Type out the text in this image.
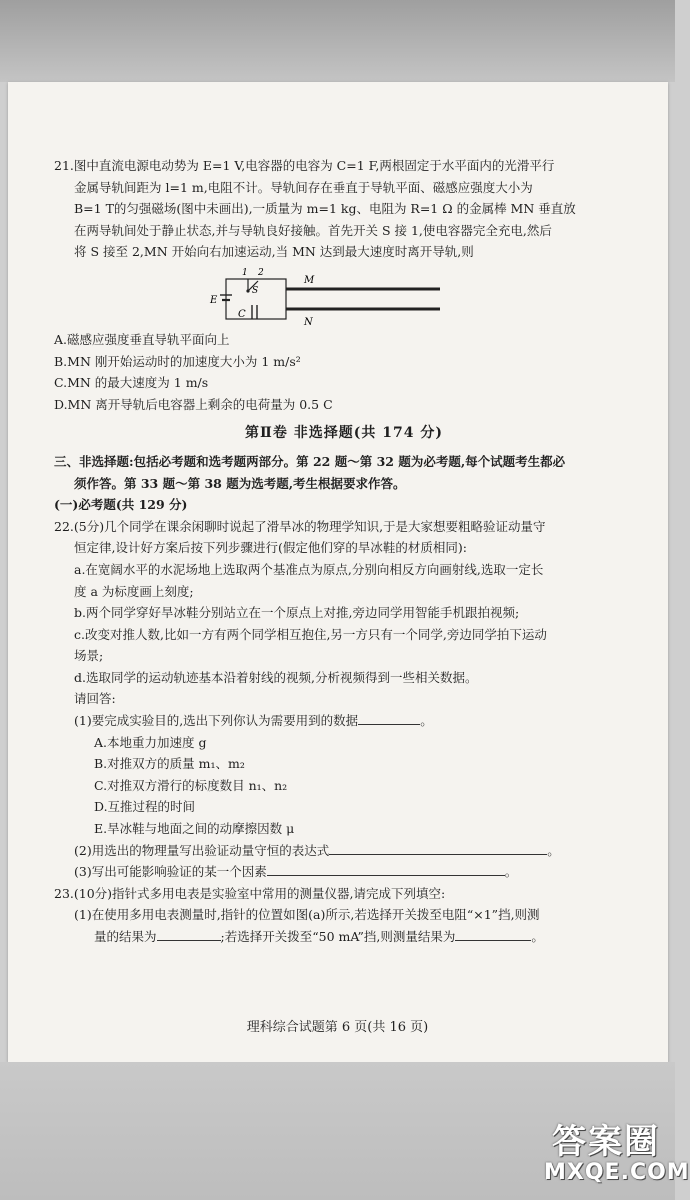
21.图中直流电源电动势为 E=1 V,电容器的电容为 C=1 F,两根固定于水平面内的光滑平行

金属导轨间距为 l=1 m,电阻不计。导轨间存在垂直于导轨平面、磁感应强度大小为

B=1 T的匀强磁场(图中未画出),一质量为 m=1 kg、电阻为 R=1 Ω 的金属棒 MN 垂直放

在两导轨间处于静止状态,并与导轨良好接触。首先开关 S 接 1,使电容器完全充电,然后

将 S 接至 2,MN 开始向右加速运动,当 MN 达到最大速度时离开导轨,则

1 2
S
E
C
M
N

A.磁感应强度垂直导轨平面向上

B.MN 刚开始运动时的加速度大小为 1 m/s²

C.MN 的最大速度为 1 m/s

D.MN 离开导轨后电容器上剩余的电荷量为 0.5 C

第Ⅱ卷 非选择题(共 174 分)

三、非选择题:包括必考题和选考题两部分。第 22 题～第 32 题为必考题,每个试题考生都必

须作答。第 33 题～第 38 题为选考题,考生根据要求作答。

(一)必考题(共 129 分)

22.(5分)几个同学在课余闲聊时说起了滑旱冰的物理学知识,于是大家想要粗略验证动量守

恒定律,设计好方案后按下列步骤进行(假定他们穿的旱冰鞋的材质相同):

a.在宽阔水平的水泥场地上选取两个基准点为原点,分别向相反方向画射线,选取一定长

度 a 为标度画上刻度;

b.两个同学穿好旱冰鞋分别站立在一个原点上对推,旁边同学用智能手机跟拍视频;

c.改变对推人数,比如一方有两个同学相互抱住,另一方只有一个同学,旁边同学拍下运动

场景;

d.选取同学的运动轨迹基本沿着射线的视频,分析视频得到一些相关数据。

请回答:

(1)要完成实验目的,选出下列你认为需要用到的数据	。

A.本地重力加速度 g

B.对推双方的质量 m₁、m₂

C.对推双方滑行的标度数目 n₁、n₂

D.互推过程的时间

E.旱冰鞋与地面之间的动摩擦因数 μ

(2)用选出的物理量写出验证动量守恒的表达式	。

(3)写出可能影响验证的某一个因素	。

23.(10分)指针式多用电表是实验室中常用的测量仪器,请完成下列填空:

(1)在使用多用电表测量时,指针的位置如图(a)所示,若选择开关拨至电阻“×1”挡,则测

量的结果为	;若选择开关拨至“50 mA”挡,则测量结果为	。

理科综合试题第 6 页(共 16 页)
答案圈
MXQE.COM
